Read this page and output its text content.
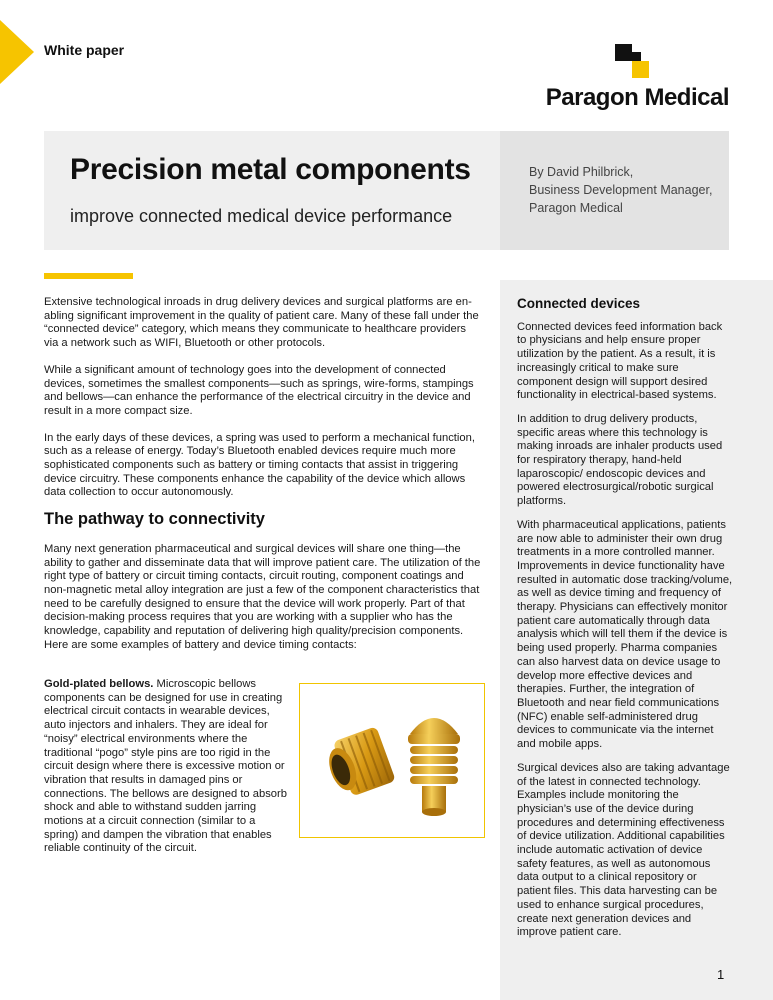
White paper
Paragon Medical
Precision metal components
improve connected medical device performance
By David Philbrick,
Business Development Manager,
Paragon Medical

Extensive technological inroads in drug delivery devices and surgical platforms are enabling significant improvement in the quality of patient care. Many of these fall under the “connected device” category, which means they communicate to healthcare providers via a network such as WIFI, Bluetooth or other protocols.

While a significant amount of technology goes into the development of connected devices, sometimes the smallest components—such as springs, wire-forms, stampings and bellows—can enhance the performance of the electrical circuitry in the device and result in a more compact size.

In the early days of these devices, a spring was used to perform a mechanical function, such as a release of energy. Today’s Bluetooth enabled devices require much more sophisticated components such as battery or timing contacts that assist in triggering device circuitry. These components enhance the capability of the device which allows data collection to occur autonomously.

The pathway to connectivity

Many next generation pharmaceutical and surgical devices will share one thing—the ability to gather and disseminate data that will improve patient care. The utilization of the right type of battery or circuit timing contacts, circuit routing, component coatings and non-magnetic metal alloy integration are just a few of the component characteristics that need to be carefully designed to ensure that the device will work properly. Part of that decision-making process requires that you are working with a supplier who has the knowledge, capability and reputation of delivering high quality/precision components. Here are some examples of battery and device timing contacts:

Gold-plated bellows. Microscopic bellows components can be designed for use in creating electrical circuit contacts in wearable devices, auto injectors and inhalers. They are ideal for “noisy” electrical environments where the traditional “pogo” style pins are too rigid in the circuit design where there is excessive motion or vibration that results in damaged pins or connections. The bellows are designed to absorb shock and able to withstand sudden jarring motions at a circuit connection (similar to a spring) and dampen the vibration that enables reliable continuity of the circuit.
Connected devices

Connected devices feed information back to physicians and help ensure proper utilization by the patient. As a result, it is increasingly critical to make sure component design will support desired functionality in electrical-based systems.

In addition to drug delivery products, specific areas where this technology is making inroads are inhaler products used for respiratory therapy, hand-held laparoscopic/ endoscopic devices and powered electrosurgical/robotic surgical platforms.

With pharmaceutical applications, patients are now able to administer their own drug treatments in a more controlled manner. Improvements in device functionality have resulted in automatic dose tracking/volume, as well as device timing and frequency of therapy. Physicians can effectively monitor patient care automatically through data analysis which will tell them if the device is being used properly. Pharma companies can also harvest data on device usage to develop more effective devices and therapies. Further, the integration of Bluetooth and near field communications (NFC) enable self-administered drug devices to communicate via the internet and mobile apps.

Surgical devices also are taking advantage of the latest in connected technology. Examples include monitoring the physician’s use of the device during procedures and determining effectiveness of device utilization. Additional capabilities include automatic activation of device safety features, as well as autonomous data output to a clinical repository or patient files. This data harvesting can be used to enhance surgical procedures, create next generation devices and improve patient care.

1
